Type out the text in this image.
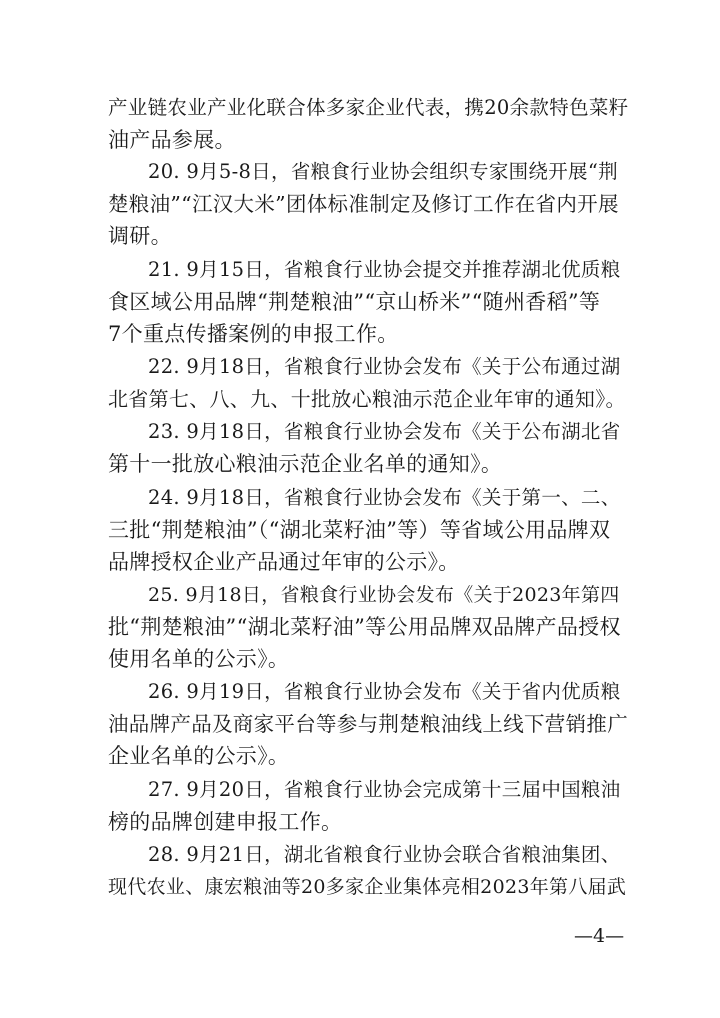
产业链农业产业化联合体多家企业代表，携20余款特色菜籽
油产品参展。
20. 9月5-8日，省粮食行业协会组织专家围绕开展“荆
楚粮油”“江汉大米”团体标准制定及修订工作在省内开展
调研。
21. 9月15日，省粮食行业协会提交并推荐湖北优质粮
食区域公用品牌“荆楚粮油”“京山桥米”“随州香稻”等
7个重点传播案例的申报工作。
22. 9月18日，省粮食行业协会发布《关于公布通过湖
北省第七、八、九、十批放心粮油示范企业年审的通知》。
23. 9月18日，省粮食行业协会发布《关于公布湖北省
第十一批放心粮油示范企业名单的通知》。
24. 9月18日，省粮食行业协会发布《关于第一、二、
三批“荆楚粮油”（“湖北菜籽油”等）等省域公用品牌双
品牌授权企业产品通过年审的公示》。
25. 9月18日，省粮食行业协会发布《关于2023年第四
批“荆楚粮油”“湖北菜籽油”等公用品牌双品牌产品授权
使用名单的公示》。
26. 9月19日，省粮食行业协会发布《关于省内优质粮
油品牌产品及商家平台等参与荆楚粮油线上线下营销推广
企业名单的公示》。
27. 9月20日，省粮食行业协会完成第十三届中国粮油
榜的品牌创建申报工作。
28. 9月21日，湖北省粮食行业协会联合省粮油集团、
现代农业、康宏粮油等20多家企业集体亮相2023年第八届武
—4—
